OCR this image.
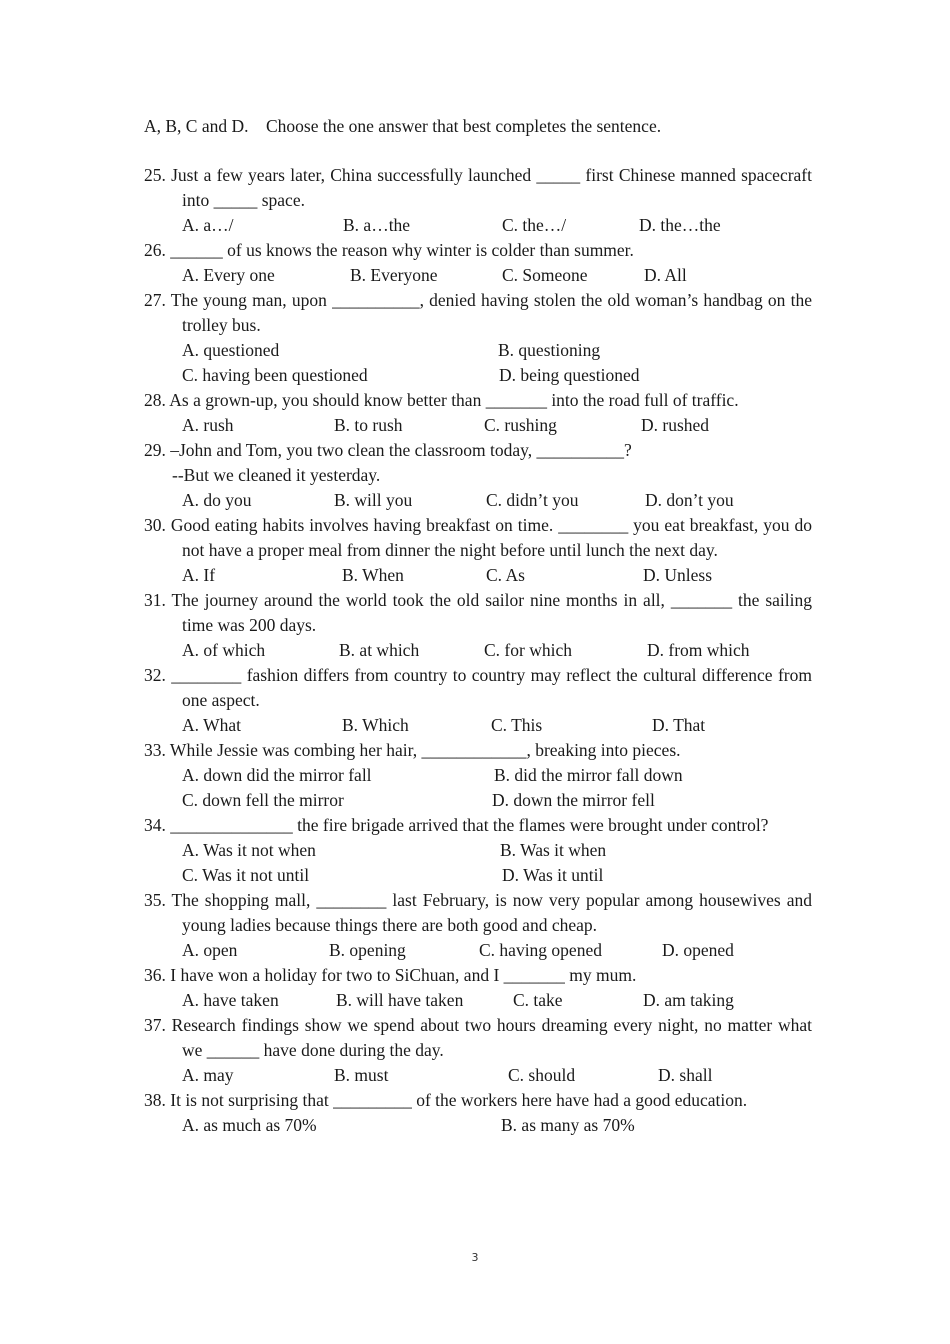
A, B, C and D.    Choose the one answer that best completes the sentence.
25. Just a few years later, China successfully launched _____ first Chinese manned spacecraft into _____ space.
A. a…/	B. a…the	C. the…/	D. the…the
26. ______ of us knows the reason why winter is colder than summer.
A. Every one	B. Everyone	C. Someone	D. All
27. The young man, upon __________, denied having stolen the old woman’s handbag on the trolley bus.
A. questioned	B. questioning
C. having been questioned	D. being questioned
28. As a grown-up, you should know better than _______ into the road full of traffic.
A. rush	B. to rush	C. rushing	D. rushed
29. –John and Tom, you two clean the classroom today, __________?
--But we cleaned it yesterday.
A. do you	B. will you	C. didn’t you	D. don’t you
30. Good eating habits involves having breakfast on time. ________ you eat breakfast, you do not have a proper meal from dinner the night before until lunch the next day.
A. If	B. When	C. As	D. Unless
31. The journey around the world took the old sailor nine months in all, _______ the sailing time was 200 days.
A. of which	B. at which	C. for which	D. from which
32. ________ fashion differs from country to country may reflect the cultural difference from one aspect.
A. What	B. Which	C. This	D. That
33. While Jessie was combing her hair, ____________, breaking into pieces.
A. down did the mirror fall	B. did the mirror fall down
C. down fell the mirror	D. down the mirror fell
34. ______________ the fire brigade arrived that the flames were brought under control?
A. Was it not when	B. Was it when
C. Was it not until	D. Was it until
35. The shopping mall, ________ last February, is now very popular among housewives and young ladies because things there are both good and cheap.
A. open	B. opening	C. having opened	D. opened
36. I have won a holiday for two to SiChuan, and I _______ my mum.
A. have taken	B. will have taken	C. take	D. am taking
37. Research findings show we spend about two hours dreaming every night, no matter what we ______ have done during the day.
A. may	B. must	C. should	D. shall
38. It is not surprising that _________ of the workers here have had a good education.
A. as much as 70%	B. as many as 70%
3
